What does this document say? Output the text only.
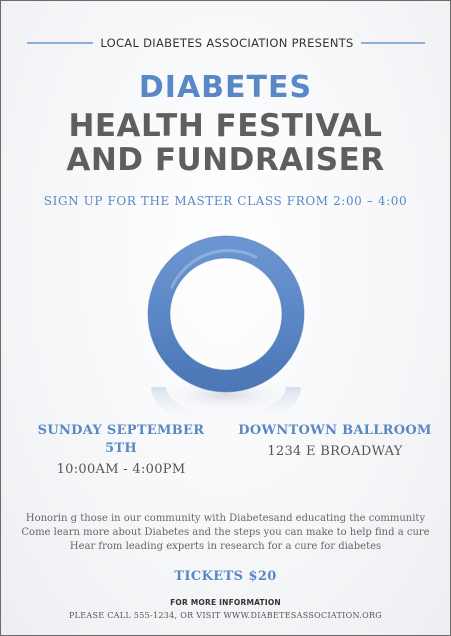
LOCAL DIABETES ASSOCIATION PRESENTS
DIABETES
HEALTH FESTIVAL
AND FUNDRAISER
SIGN UP FOR THE MASTER CLASS FROM 2:00 – 4:00
SUNDAY SEPTEMBER 5TH
10:00AM - 4:00PM
DOWNTOWN BALLROOM
1234 E BROADWAY
Honorin g those in our community with Diabetesand educating the community
Come learn more about Diabetes and the steps you can make to help find a cure
Hear from leading experts in research for a cure for diabetes
TICKETS $20
FOR MORE INFORMATION
PLEASE CALL 555-1234, OR VISIT WWW.DIABETESASSOCIATION.ORG
